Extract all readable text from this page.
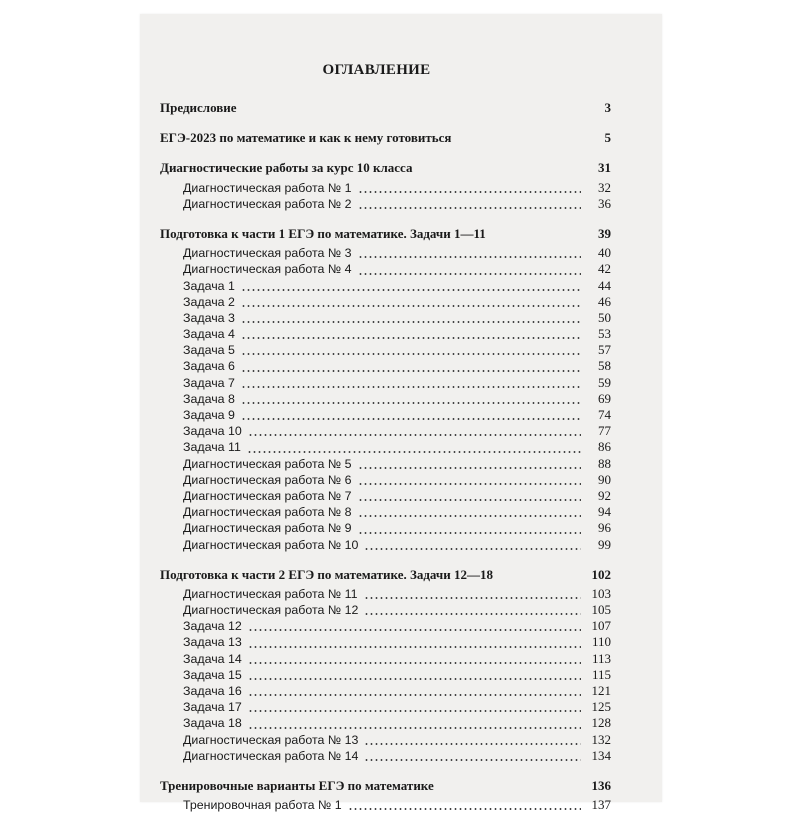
ОГЛАВЛЕНИЕ
Предисловие	3
ЕГЭ-2023 по математике и как к нему готовиться	5
Диагностические работы за курс 10 класса	31
Диагностическая работа № 1	32
Диагностическая работа № 2	36
Подготовка к части 1 ЕГЭ по математике. Задачи 1—11	39
Диагностическая работа № 3	40
Диагностическая работа № 4	42
Задача 1	44
Задача 2	46
Задача 3	50
Задача 4	53
Задача 5	57
Задача 6	58
Задача 7	59
Задача 8	69
Задача 9	74
Задача 10	77
Задача 11	86
Диагностическая работа № 5	88
Диагностическая работа № 6	90
Диагностическая работа № 7	92
Диагностическая работа № 8	94
Диагностическая работа № 9	96
Диагностическая работа № 10	99
Подготовка к части 2 ЕГЭ по математике. Задачи 12—18	102
Диагностическая работа № 11	103
Диагностическая работа № 12	105
Задача 12	107
Задача 13	110
Задача 14	113
Задача 15	115
Задача 16	121
Задача 17	125
Задача 18	128
Диагностическая работа № 13	132
Диагностическая работа № 14	134
Тренировочные варианты ЕГЭ по математике	136
Тренировочная работа № 1	137
